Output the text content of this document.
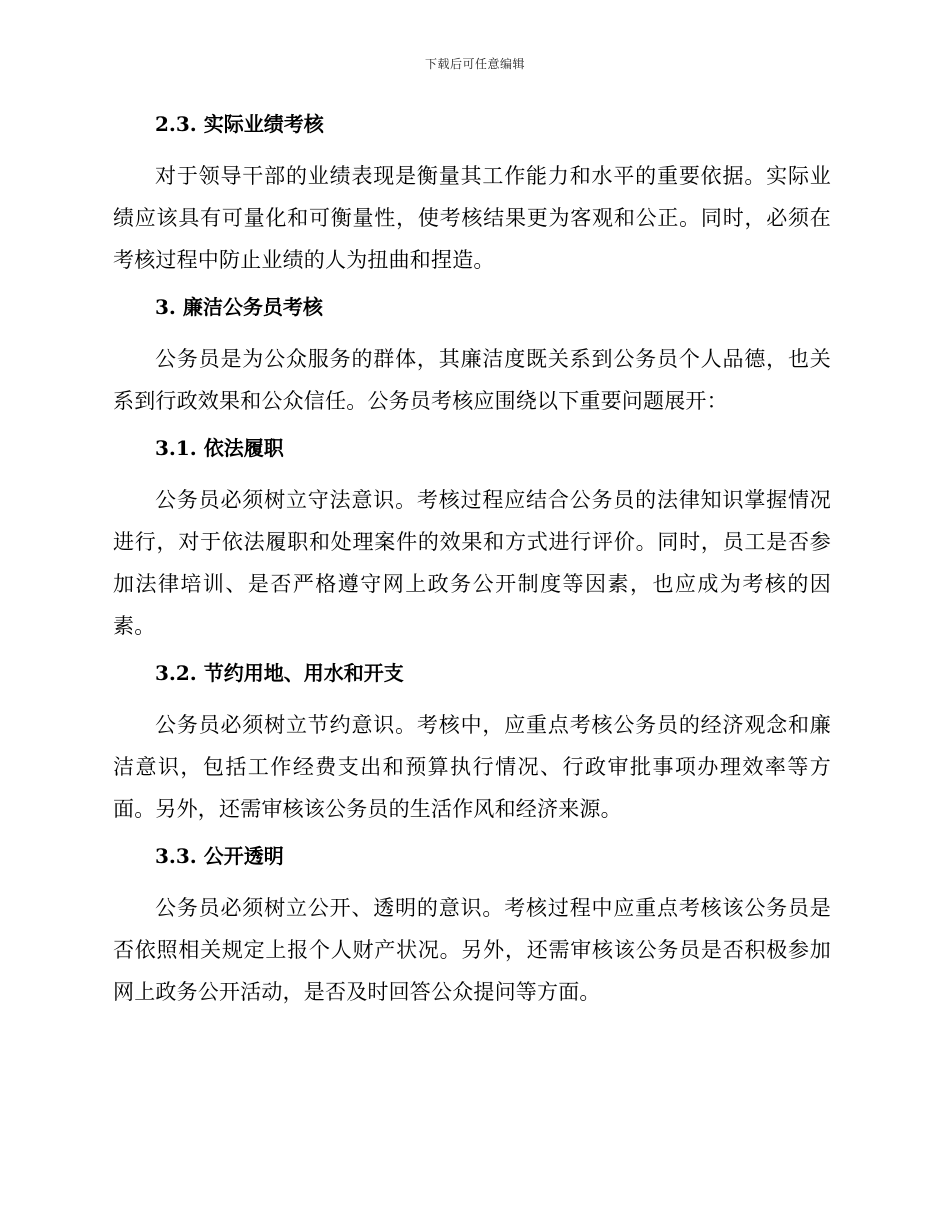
下载后可任意编辑
2.3. 实际业绩考核

对于领导干部的业绩表现是衡量其工作能力和水平的重要依据。实际业绩应该具有可量化和可衡量性，使考核结果更为客观和公正。同时，必须在考核过程中防止业绩的人为扭曲和捏造。

3. 廉洁公务员考核

公务员是为公众服务的群体，其廉洁度既关系到公务员个人品德，也关系到行政效果和公众信任。公务员考核应围绕以下重要问题展开：

3.1. 依法履职

公务员必须树立守法意识。考核过程应结合公务员的法律知识掌握情况进行，对于依法履职和处理案件的效果和方式进行评价。同时，员工是否参加法律培训、是否严格遵守网上政务公开制度等因素，也应成为考核的因素。

3.2. 节约用地、用水和开支

公务员必须树立节约意识。考核中，应重点考核公务员的经济观念和廉洁意识，包括工作经费支出和预算执行情况、行政审批事项办理效率等方面。另外，还需审核该公务员的生活作风和经济来源。

3.3. 公开透明

公务员必须树立公开、透明的意识。考核过程中应重点考核该公务员是否依照相关规定上报个人财产状况。另外，还需审核该公务员是否积极参加网上政务公开活动，是否及时回答公众提问等方面。
